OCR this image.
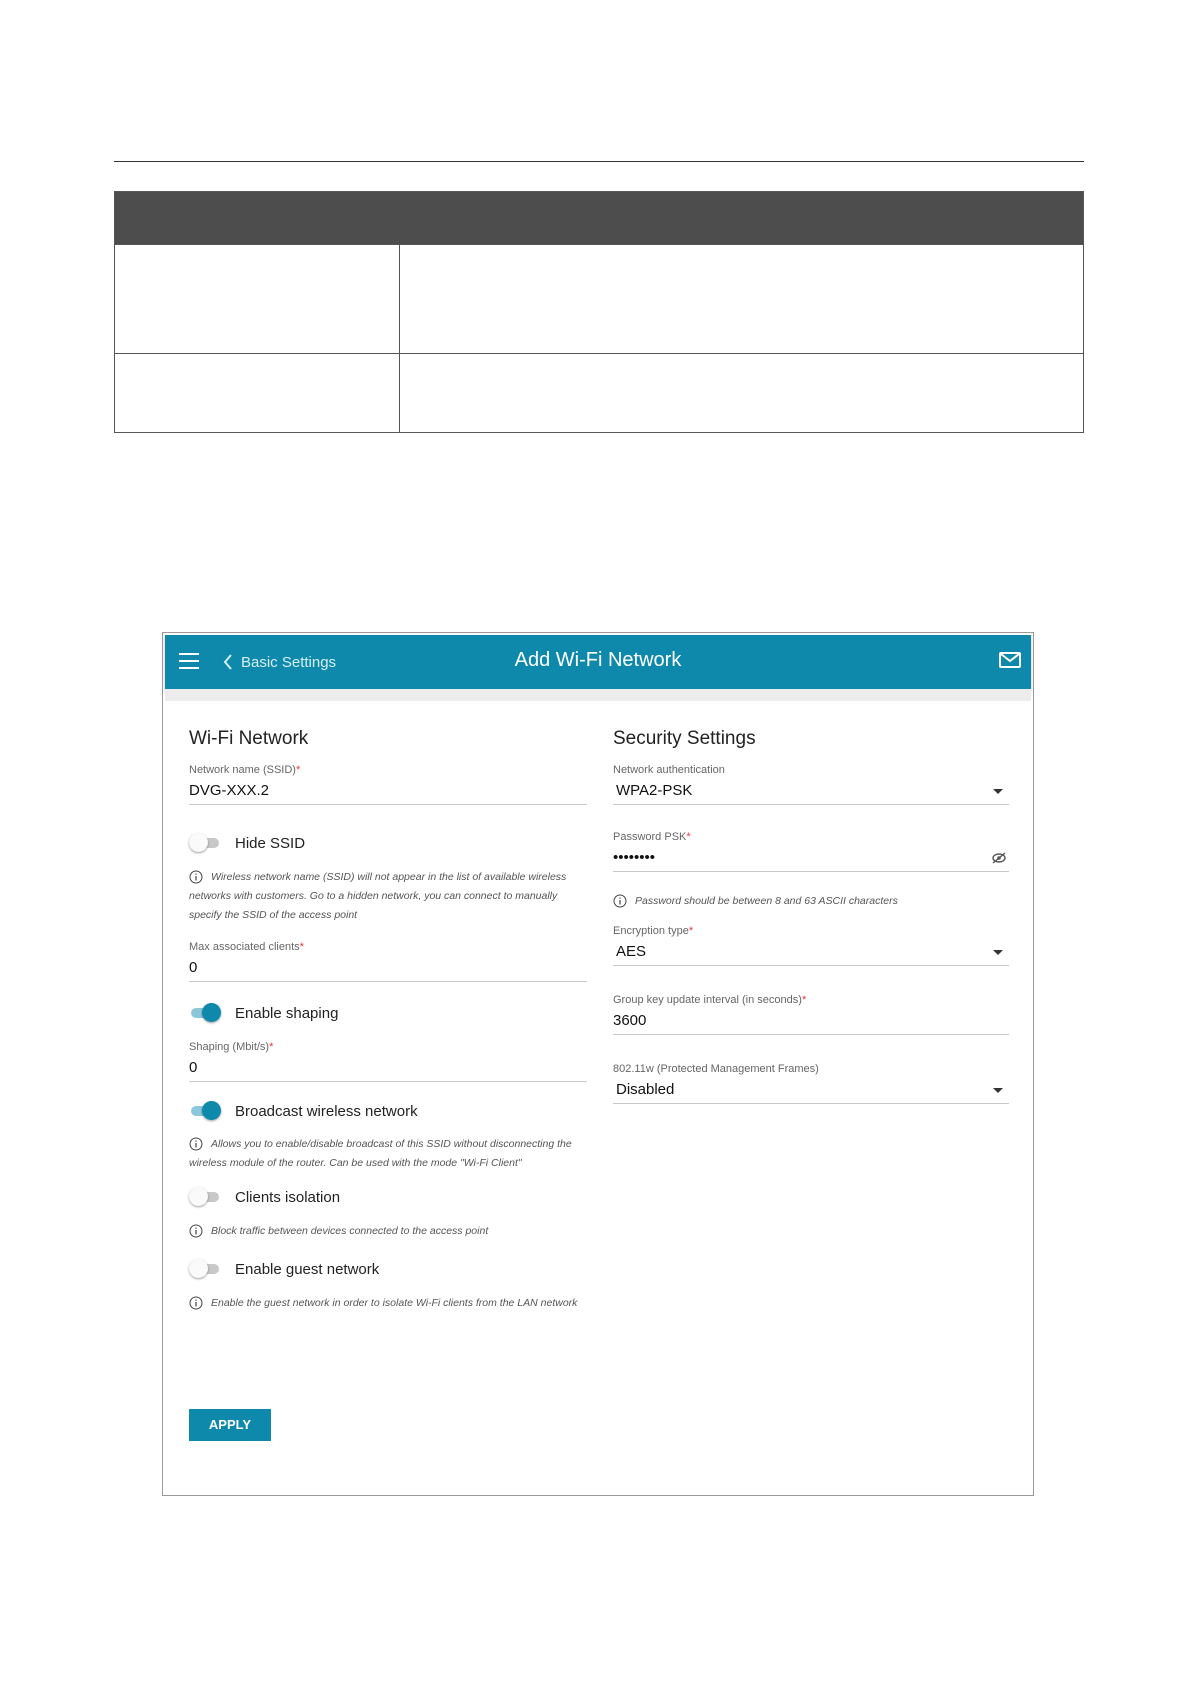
Basic Settings	Add Wi-Fi Network
Wi-Fi Network
Network name (SSID)*
DVG-XXX.2
Hide SSID
Wireless network name (SSID) will not appear in the list of available wireless networks with customers. Go to a hidden network, you can connect to manually specify the SSID of the access point
Max associated clients*
0
Enable shaping
Shaping (Mbit/s)*
0
Broadcast wireless network
Allows you to enable/disable broadcast of this SSID without disconnecting the wireless module of the router. Can be used with the mode "Wi-Fi Client"
Clients isolation
Block traffic between devices connected to the access point
Enable guest network
Enable the guest network in order to isolate Wi-Fi clients from the LAN network
Security Settings
Network authentication
WPA2-PSK
Password PSK*
••••••••
Password should be between 8 and 63 ASCII characters
Encryption type*
AES
Group key update interval (in seconds)*
3600
802.11w (Protected Management Frames)
Disabled
APPLY
